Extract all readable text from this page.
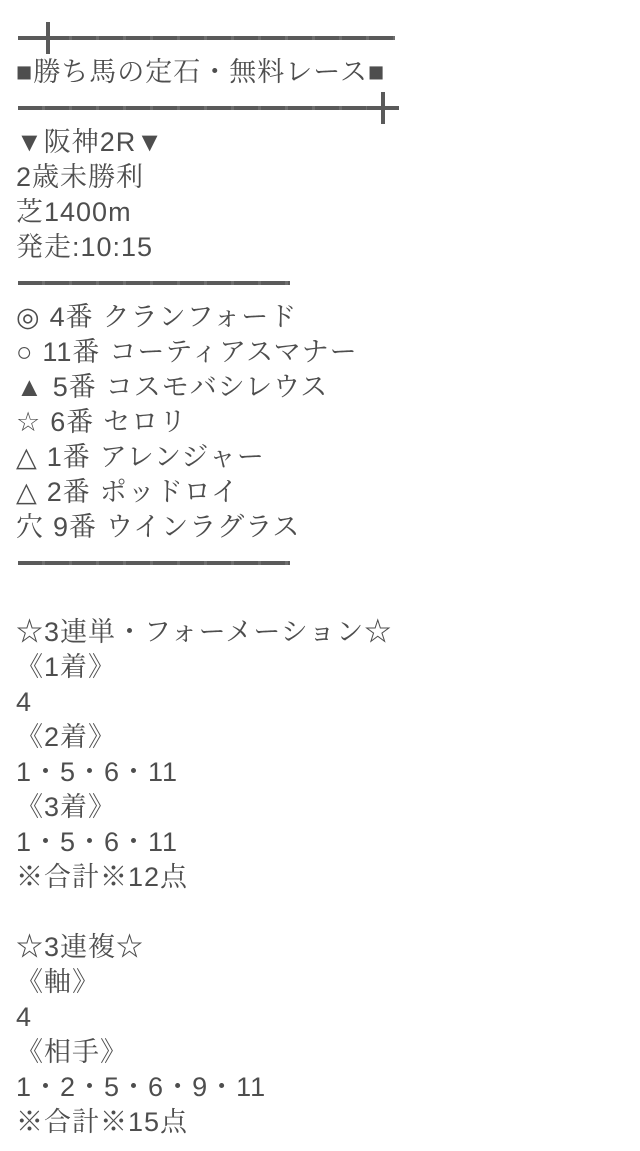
■勝ち馬の定石・無料レース■
▼阪神2R▼
2歳未勝利
芝1400m
発走:10:15
◎ 4番 クランフォード
○ 11番 コーティアスマナー
▲ 5番 コスモバシレウス
☆ 6番 セロリ
△ 1番 アレンジャー
△ 2番 ポッドロイ
穴 9番 ウインラグラス
☆3連単・フォーメーション☆
《1着》
4
《2着》
1・5・6・11
《3着》
1・5・6・11
※合計※12点
☆3連複☆
《軸》
4
《相手》
1・2・5・6・9・11
※合計※15点
